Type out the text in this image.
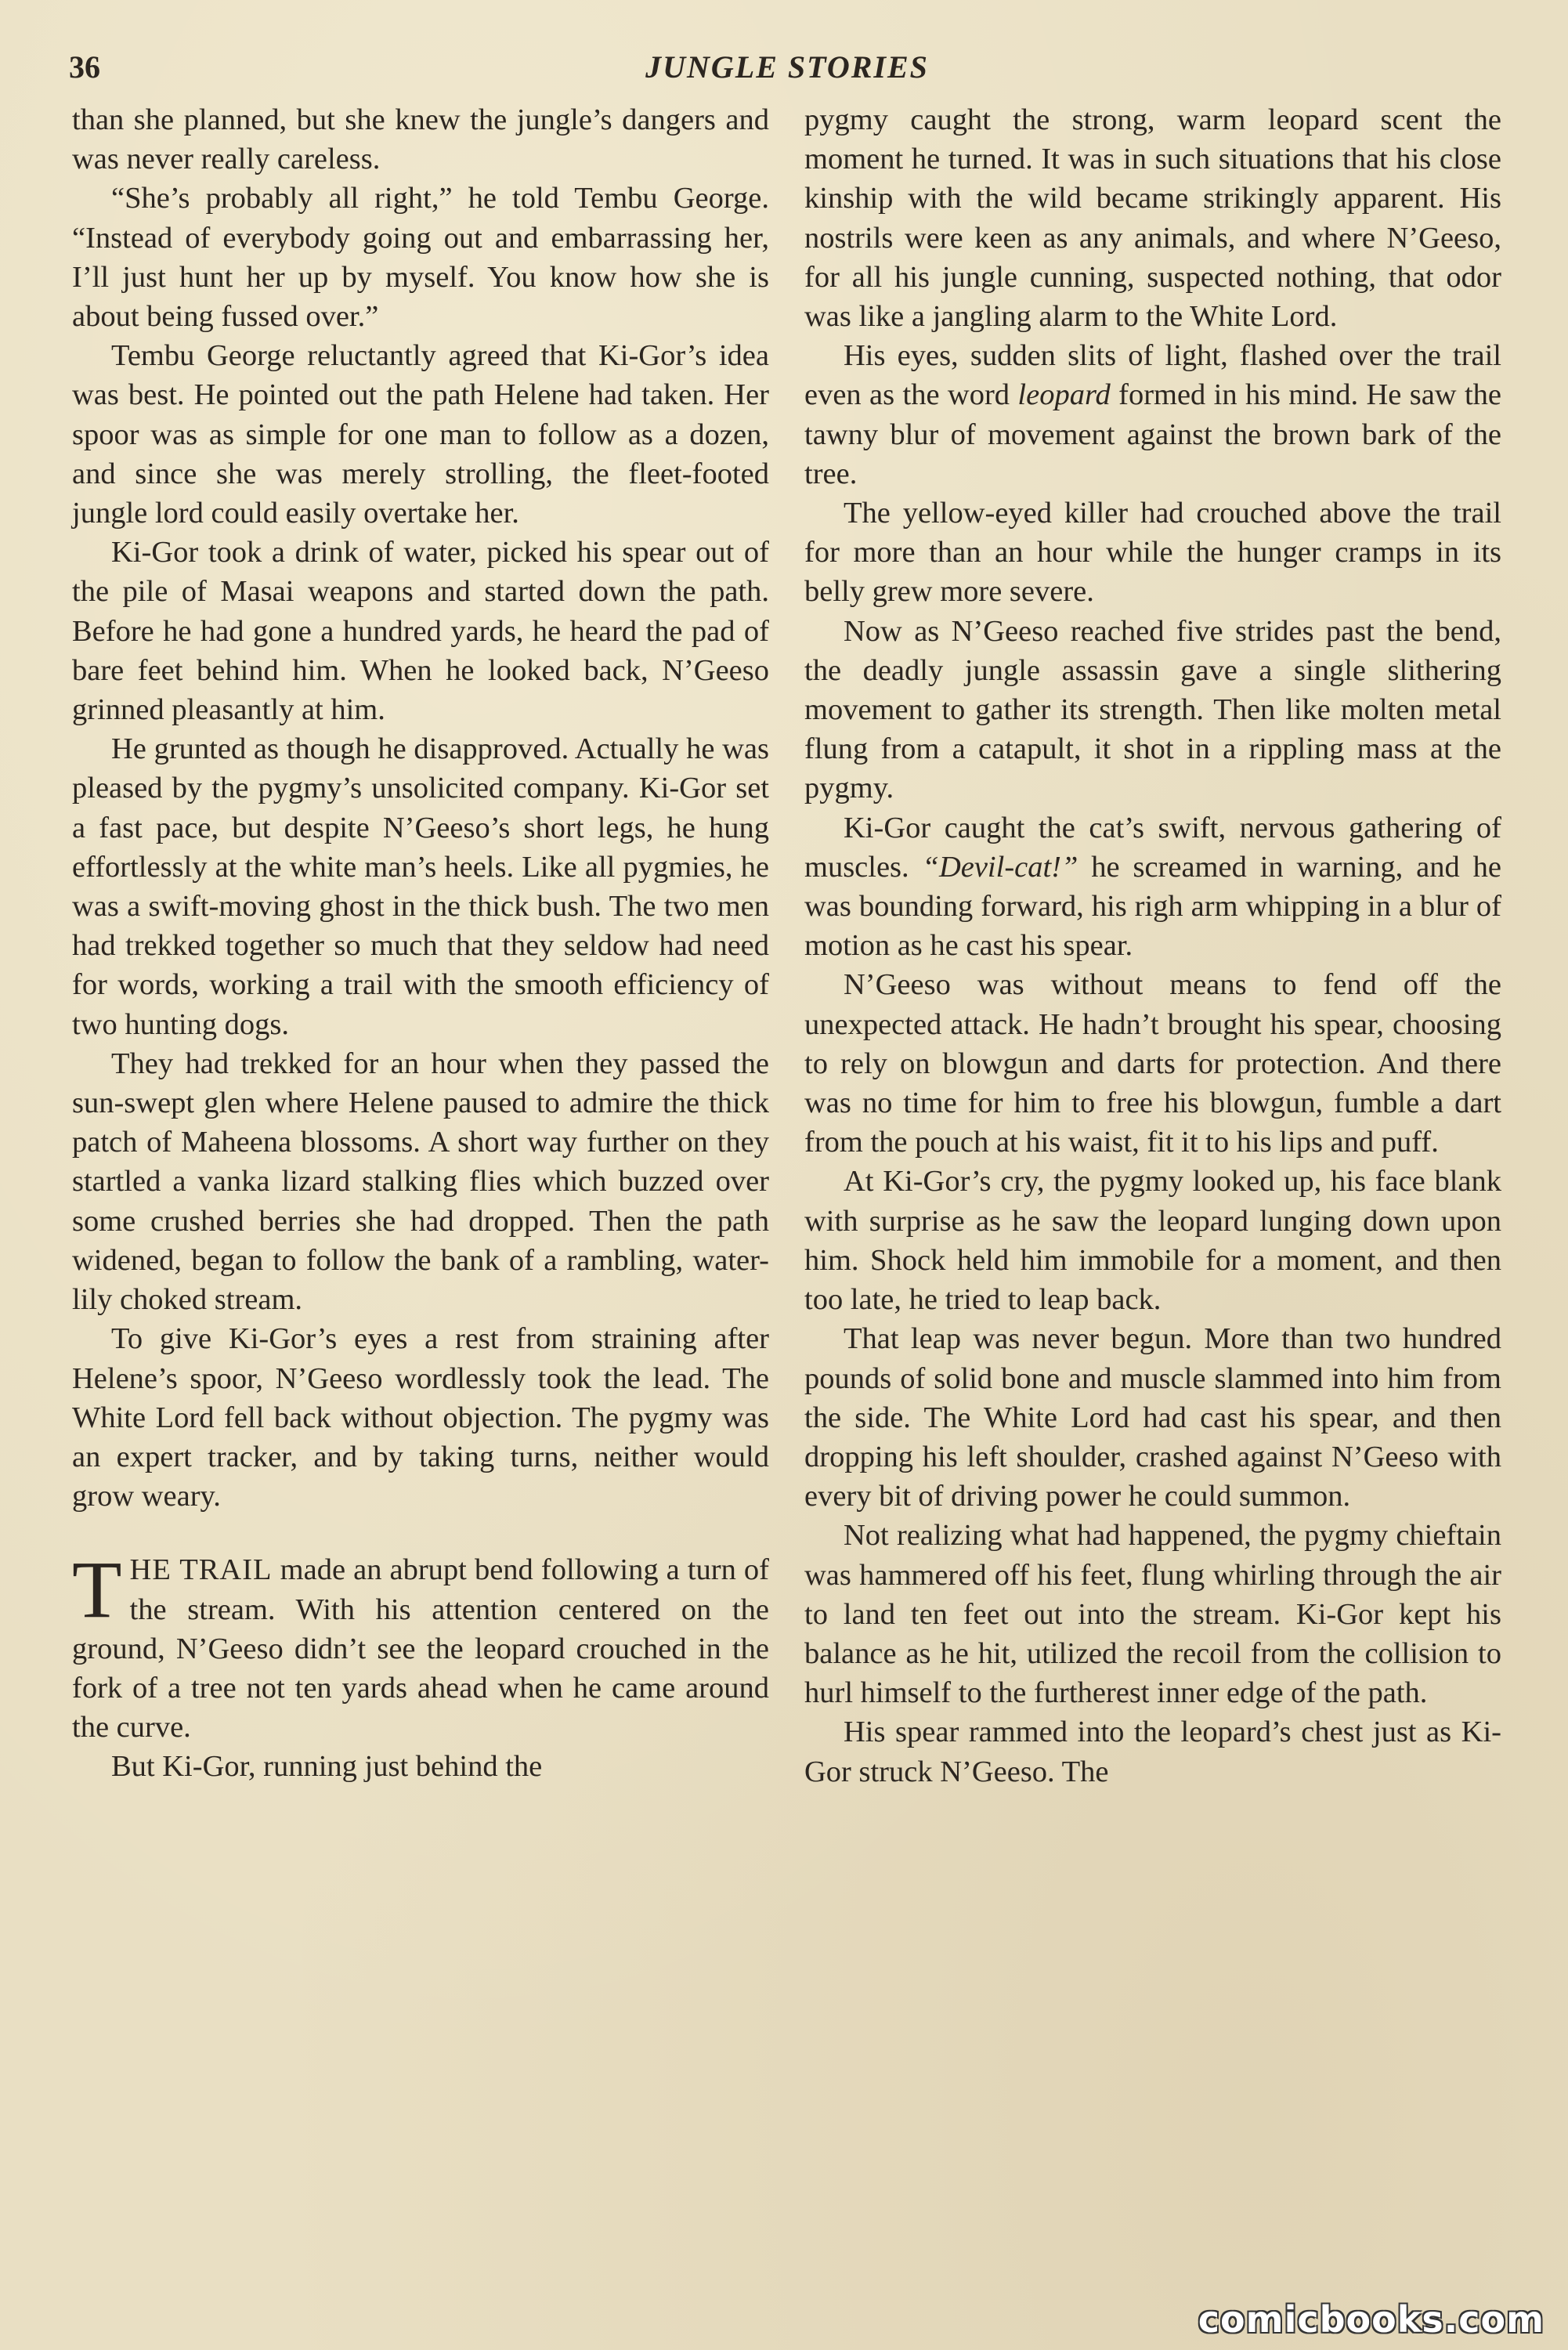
36	JUNGLE STORIES

than she planned, but she knew the jungle’s dangers and was never really careless.

“She’s probably all right,” he told Tembu George. “Instead of everybody going out and embarrassing her, I’ll just hunt her up by myself. You know how she is about being fussed over.”

Tembu George reluctantly agreed that Ki-Gor’s idea was best. He pointed out the path Helene had taken. Her spoor was as simple for one man to follow as a dozen, and since she was merely strolling, the fleet-footed jungle lord could easily overtake her.

Ki-Gor took a drink of water, picked his spear out of the pile of Masai weapons and started down the path. Before he had gone a hundred yards, he heard the pad of bare feet behind him. When he looked back, N’Geeso grinned pleasantly at him.

He grunted as though he disapproved. Actually he was pleased by the pygmy’s unsolicited company. Ki-Gor set a fast pace, but despite N’Geeso’s short legs, he hung effortlessly at the white man’s heels. Like all pygmies, he was a swift-moving ghost in the thick bush. The two men had trekked together so much that they seldow had need for words, working a trail with the smooth efficiency of two hunting dogs.

They had trekked for an hour when they passed the sun-swept glen where Helene paused to admire the thick patch of Maheena blossoms. A short way further on they startled a vanka lizard stalking flies which buzzed over some crushed berries she had dropped. Then the path widened, began to follow the bank of a rambling, water-lily choked stream.

To give Ki-Gor’s eyes a rest from straining after Helene’s spoor, N’Geeso wordlessly took the lead. The White Lord fell back without objection. The pygmy was an expert tracker, and by taking turns, neither would grow weary.

THE TRAIL made an abrupt bend following a turn of the stream. With his attention centered on the ground, N’Geeso didn’t see the leopard crouched in the fork of a tree not ten yards ahead when he came around the curve.

But Ki-Gor, running just behind the

pygmy caught the strong, warm leopard scent the moment he turned. It was in such situations that his close kinship with the wild became strikingly apparent. His nostrils were keen as any animals, and where N’Geeso, for all his jungle cunning, suspected nothing, that odor was like a jangling alarm to the White Lord.

His eyes, sudden slits of light, flashed over the trail even as the word leopard formed in his mind. He saw the tawny blur of movement against the brown bark of the tree.

The yellow-eyed killer had crouched above the trail for more than an hour while the hunger cramps in its belly grew more severe.

Now as N’Geeso reached five strides past the bend, the deadly jungle assassin gave a single slithering movement to gather its strength. Then like molten metal flung from a catapult, it shot in a rippling mass at the pygmy.

Ki-Gor caught the cat’s swift, nervous gathering of muscles. “Devil-cat!” he screamed in warning, and he was bounding forward, his righ arm whipping in a blur of motion as he cast his spear.

N’Geeso was without means to fend off the unexpected attack. He hadn’t brought his spear, choosing to rely on blowgun and darts for protection. And there was no time for him to free his blowgun, fumble a dart from the pouch at his waist, fit it to his lips and puff.

At Ki-Gor’s cry, the pygmy looked up, his face blank with surprise as he saw the leopard lunging down upon him. Shock held him immobile for a moment, and then too late, he tried to leap back.

That leap was never begun. More than two hundred pounds of solid bone and muscle slammed into him from the side. The White Lord had cast his spear, and then dropping his left shoulder, crashed against N’Geeso with every bit of driving power he could summon.

Not realizing what had happened, the pygmy chieftain was hammered off his feet, flung whirling through the air to land ten feet out into the stream. Ki-Gor kept his balance as he hit, utilized the recoil from the collision to hurl himself to the furtherest inner edge of the path.

His spear rammed into the leopard’s chest just as Ki-Gor struck N’Geeso. The

comicbooks.com
